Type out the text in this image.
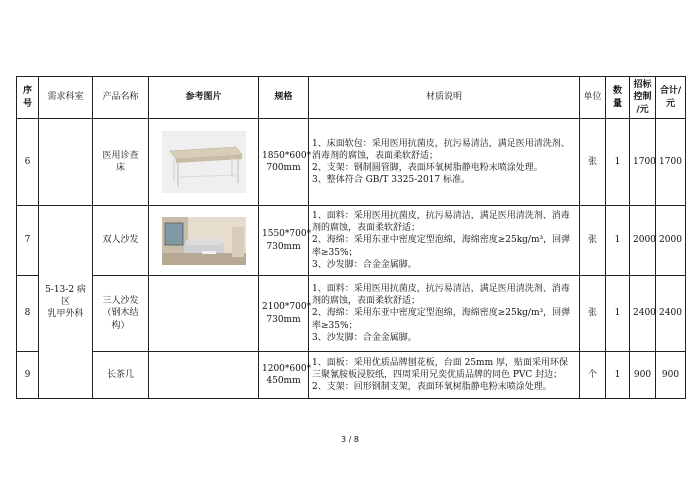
序
号	需求科室	产品名称	参考图片	规格	材质说明	单位	数量	招标
控制
/元	合计/
元
6		医用诊查
床		1850*600*
700mm	1、床面软包：采用医用抗菌皮，抗污易清洁，满足医用清洗剂、消毒剂的腐蚀，表面柔软舒适；
2、支架：钢制圆管脚，表面环氧树脂静电粉末喷涂处理。
3、整体符合 GB/T 3325-2017 标准。	张	1	1700	1700
7	5-13-2 病区
乳甲外科	双人沙发		1550*700*
730mm	1、面料：采用医用抗菌皮，抗污易清洁，满足医用清洗剂、消毒剂的腐蚀，表面柔软舒适；
2、海绵：采用东亚中密度定型泡绵，海绵密度≥25kg/m³，回弹率≥35%；
3、沙发脚：合金金属脚。	张	1	2000	2000
8		三人沙发
（钢木结
构）		2100*700*
730mm	1、面料：采用医用抗菌皮，抗污易清洁，满足医用清洗剂、消毒剂的腐蚀，表面柔软舒适；
2、海绵：采用东亚中密度定型泡绵，海绵密度≥25kg/m³，回弹率≥35%；
3、沙发脚：合金金属脚。	张	1	2400	2400
9		长茶几		1200*600*
450mm	1、面板：采用优质品牌刨花板，台面 25mm 厚，贴面采用环保三聚氰胺板浸胶纸，四周采用兄奕优质品牌的同色 PVC 封边；
2、支架：回形钢制支架，表面环氧树脂静电粉末喷涂处理。	个	1	900	900
3 / 8
